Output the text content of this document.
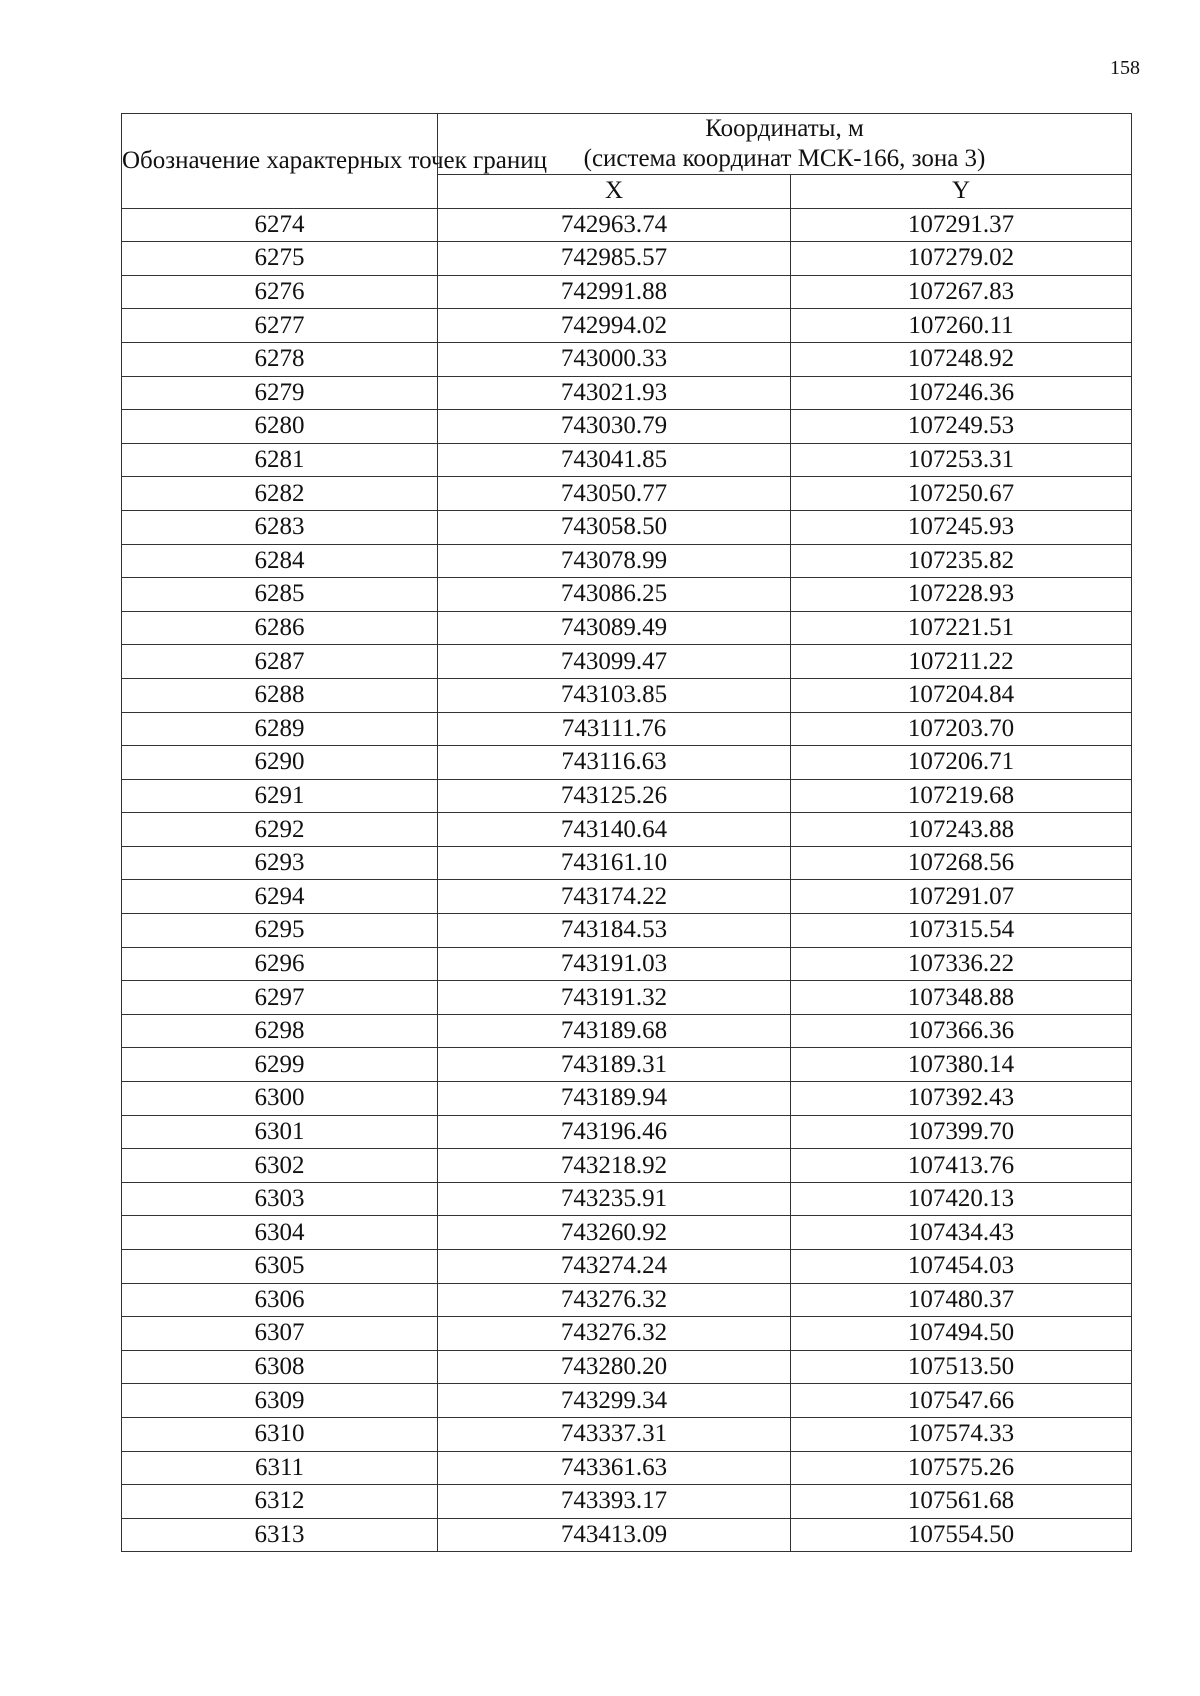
158
Обозначение характерных точек границ	Координаты, м
(система координат МСК-166, зона 3)	

	X	Y
6274	742963.74	107291.37
6275	742985.57	107279.02
6276	742991.88	107267.83
6277	742994.02	107260.11
6278	743000.33	107248.92
6279	743021.93	107246.36
6280	743030.79	107249.53
6281	743041.85	107253.31
6282	743050.77	107250.67
6283	743058.50	107245.93
6284	743078.99	107235.82
6285	743086.25	107228.93
6286	743089.49	107221.51
6287	743099.47	107211.22
6288	743103.85	107204.84
6289	743111.76	107203.70
6290	743116.63	107206.71
6291	743125.26	107219.68
6292	743140.64	107243.88
6293	743161.10	107268.56
6294	743174.22	107291.07
6295	743184.53	107315.54
6296	743191.03	107336.22
6297	743191.32	107348.88
6298	743189.68	107366.36
6299	743189.31	107380.14
6300	743189.94	107392.43
6301	743196.46	107399.70
6302	743218.92	107413.76
6303	743235.91	107420.13
6304	743260.92	107434.43
6305	743274.24	107454.03
6306	743276.32	107480.37
6307	743276.32	107494.50
6308	743280.20	107513.50
6309	743299.34	107547.66
6310	743337.31	107574.33
6311	743361.63	107575.26
6312	743393.17	107561.68
6313	743413.09	107554.50
